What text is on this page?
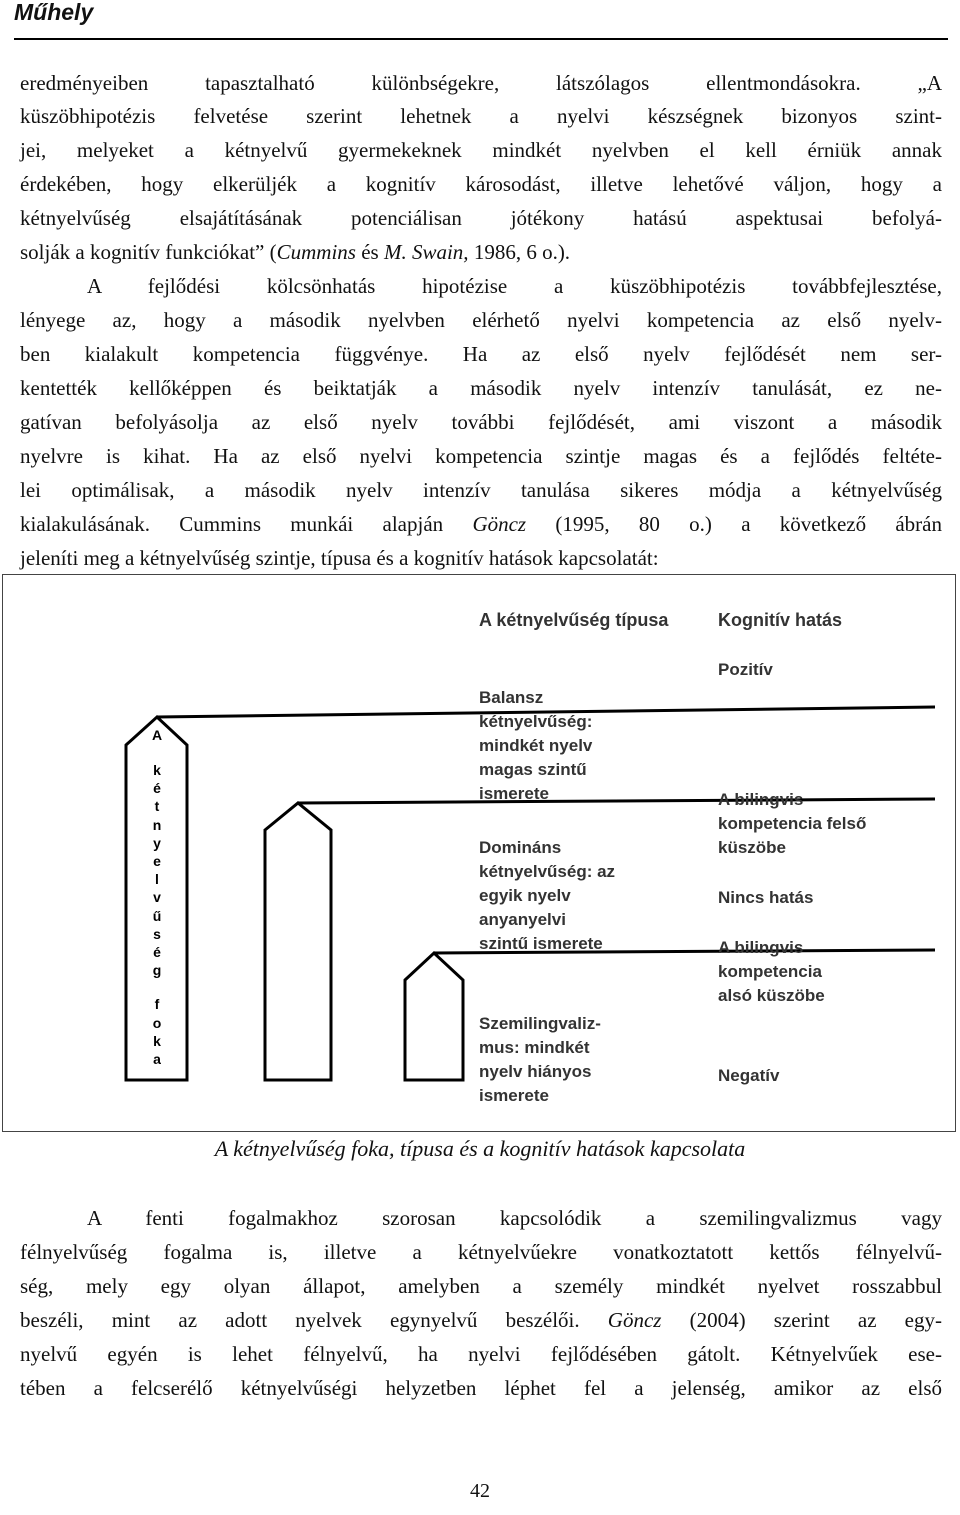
Műhely
eredményeiben tapasztalható különbségekre, látszólagos ellentmondásokra. „A
küszöbhipotézis felvetése szerint lehetnek a nyelvi készségnek bizonyos szint-
jei, melyeket a kétnyelvű gyermekeknek mindkét nyelvben el kell érniük annak
érdekében, hogy elkerüljék a kognitív károsodást, illetve lehetővé váljon, hogy a
kétnyelvűség elsajátításának potenciálisan jótékony hatású aspektusai befolyá-
solják a kognitív funkciókat” (Cummins és M. Swain, 1986, 6 o.).
A fejlődési kölcsönhatás hipotézise a küszöbhipotézis továbbfejlesztése,
lényege az, hogy a második nyelvben elérhető nyelvi kompetencia az első nyelv-
ben kialakult kompetencia függvénye. Ha az első nyelv fejlődését nem ser-
kentették kellőképpen és beiktatják a második nyelv intenzív tanulását, ez ne-
gatívan befolyásolja az első nyelv további fejlődését, ami viszont a második
nyelvre is kihat. Ha az első nyelvi kompetencia szintje magas és a fejlődés feltéte-
lei optimálisak, a második nyelv intenzív tanulása sikeres módja a kétnyelvűség
kialakulásának. Cummins munkái alapján Göncz (1995, 80 o.) a következő ábrán
jeleníti meg a kétnyelvűség szintje, típusa és a kognitív hatások kapcsolatát:
A
k
é
t
n
y
e
l
v
ű
s
é
g
f
o
k
a
A kétnyelvűség típusa	Kognitív hatás
Balansz
kétnyelvűség:
mindkét nyelv
magas szintű
ismerete
Domináns
kétnyelvűség: az
egyik nyelv
anyanyelvi
szintű ismerete
Szemilingvaliz-
mus: mindkét
nyelv hiányos
ismerete
Pozitív
A bilingvis
kompetencia felső
küszöbe
Nincs hatás
A bilingvis
kompetencia
alsó küszöbe
Negatív
A kétnyelvűség foka, típusa és a kognitív hatások kapcsolata
A fenti fogalmakhoz szorosan kapcsolódik a szemilingvalizmus vagy
félnyelvűség fogalma is, illetve a kétnyelvűekre vonatkoztatott kettős félnyelvű-
ség, mely egy olyan állapot, amelyben a személy mindkét nyelvet rosszabbul
beszéli, mint az adott nyelvek egynyelvű beszélői. Göncz (2004) szerint az egy-
nyelvű egyén is lehet félnyelvű, ha nyelvi fejlődésében gátolt. Kétnyelvűek ese-
tében a felcserélő kétnyelvűségi helyzetben léphet fel a jelenség, amikor az első
42
